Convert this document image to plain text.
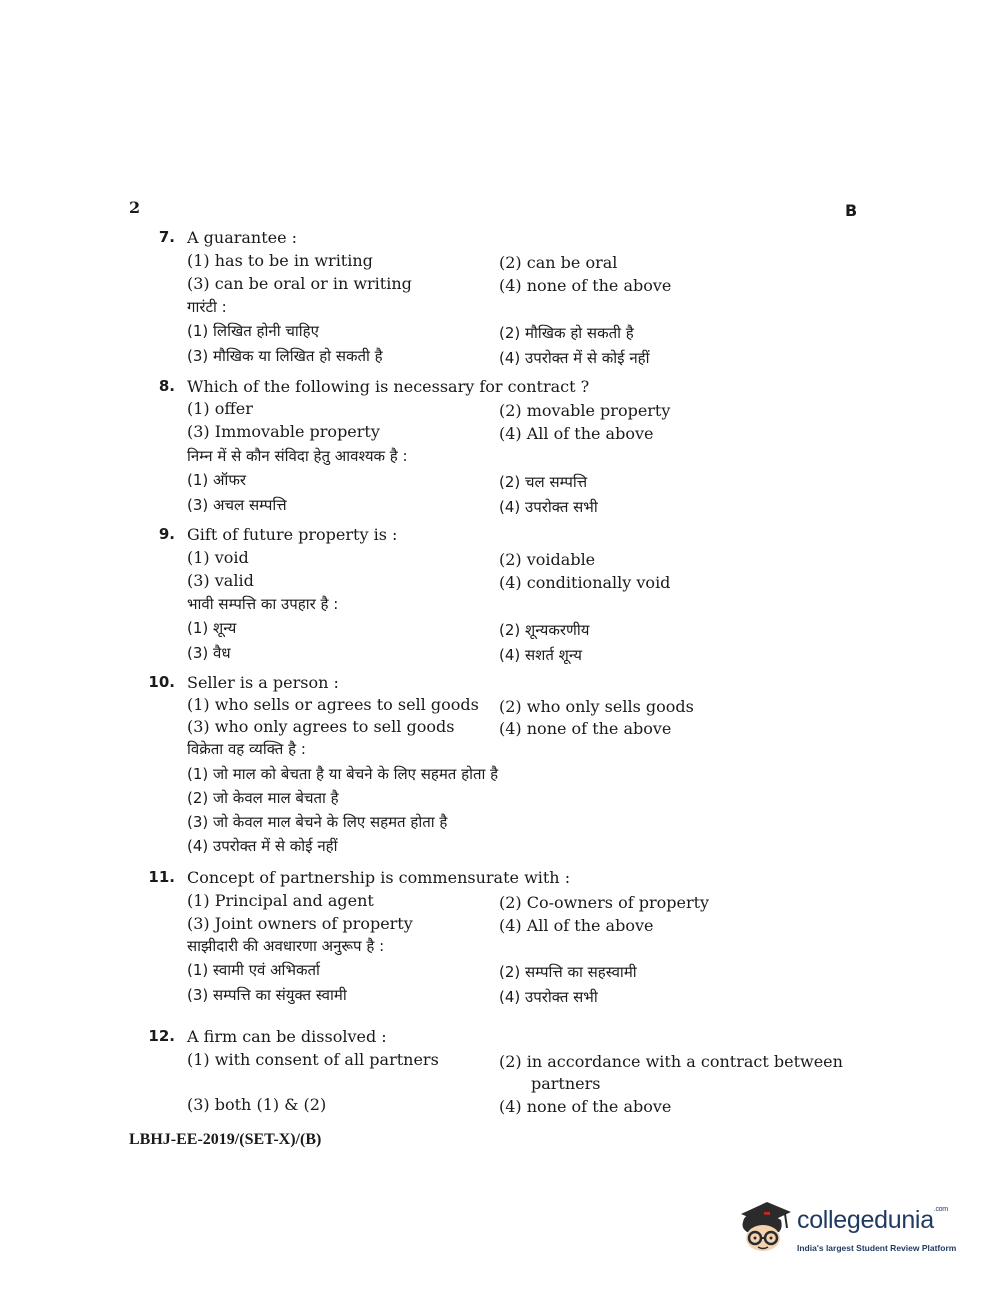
2	B
7. A guarantee :
(1) has to be in writing	(2) can be oral
(3) can be oral or in writing	(4) none of the above
गारंटी :
(1) लिखित होनी चाहिए	(2) मौखिक हो सकती है
(3) मौखिक या लिखित हो सकती है	(4) उपरोक्त में से कोई नहीं
8. Which of the following is necessary for contract ?
(1) offer	(2) movable property
(3) Immovable property	(4) All of the above
निम्न में से कौन संविदा हेतु आवश्यक है :
(1) ऑफर	(2) चल सम्पत्ति
(3) अचल सम्पत्ति	(4) उपरोक्त सभी
9. Gift of future property is :
(1) void	(2) voidable
(3) valid	(4) conditionally void
भावी सम्पत्ति का उपहार है :
(1) शून्य	(2) शून्यकरणीय
(3) वैध	(4) सशर्त शून्य
10. Seller is a person :
(1) who sells or agrees to sell goods (2) who only sells goods
(3) who only agrees to sell goods	(4) none of the above
विक्रेता वह व्यक्ति है :
(1) जो माल को बेचता है या बेचने के लिए सहमत होता है
(2) जो केवल माल बेचता है
(3) जो केवल माल बेचने के लिए सहमत होता है
(4) उपरोक्त में से कोई नहीं
11. Concept of partnership is commensurate with :
(1) Principal and agent	(2) Co-owners of property
(3) Joint owners of property	(4) All of the above
साझीदारी की अवधारणा अनुरूप है :
(1) स्वामी एवं अभिकर्ता	(2) सम्पत्ति का सहस्वामी
(3) सम्पत्ति का संयुक्त स्वामी	(4) उपरोक्त सभी
12. A firm can be dissolved :
(1) with consent of all partners	(2) in accordance with a contract between
partners
(3) both (1) & (2)	(4) none of the above
LBHJ-EE-2019/(SET-X)/(B)
collegedunia$^{.com}$
India's largest Student Review Platform
